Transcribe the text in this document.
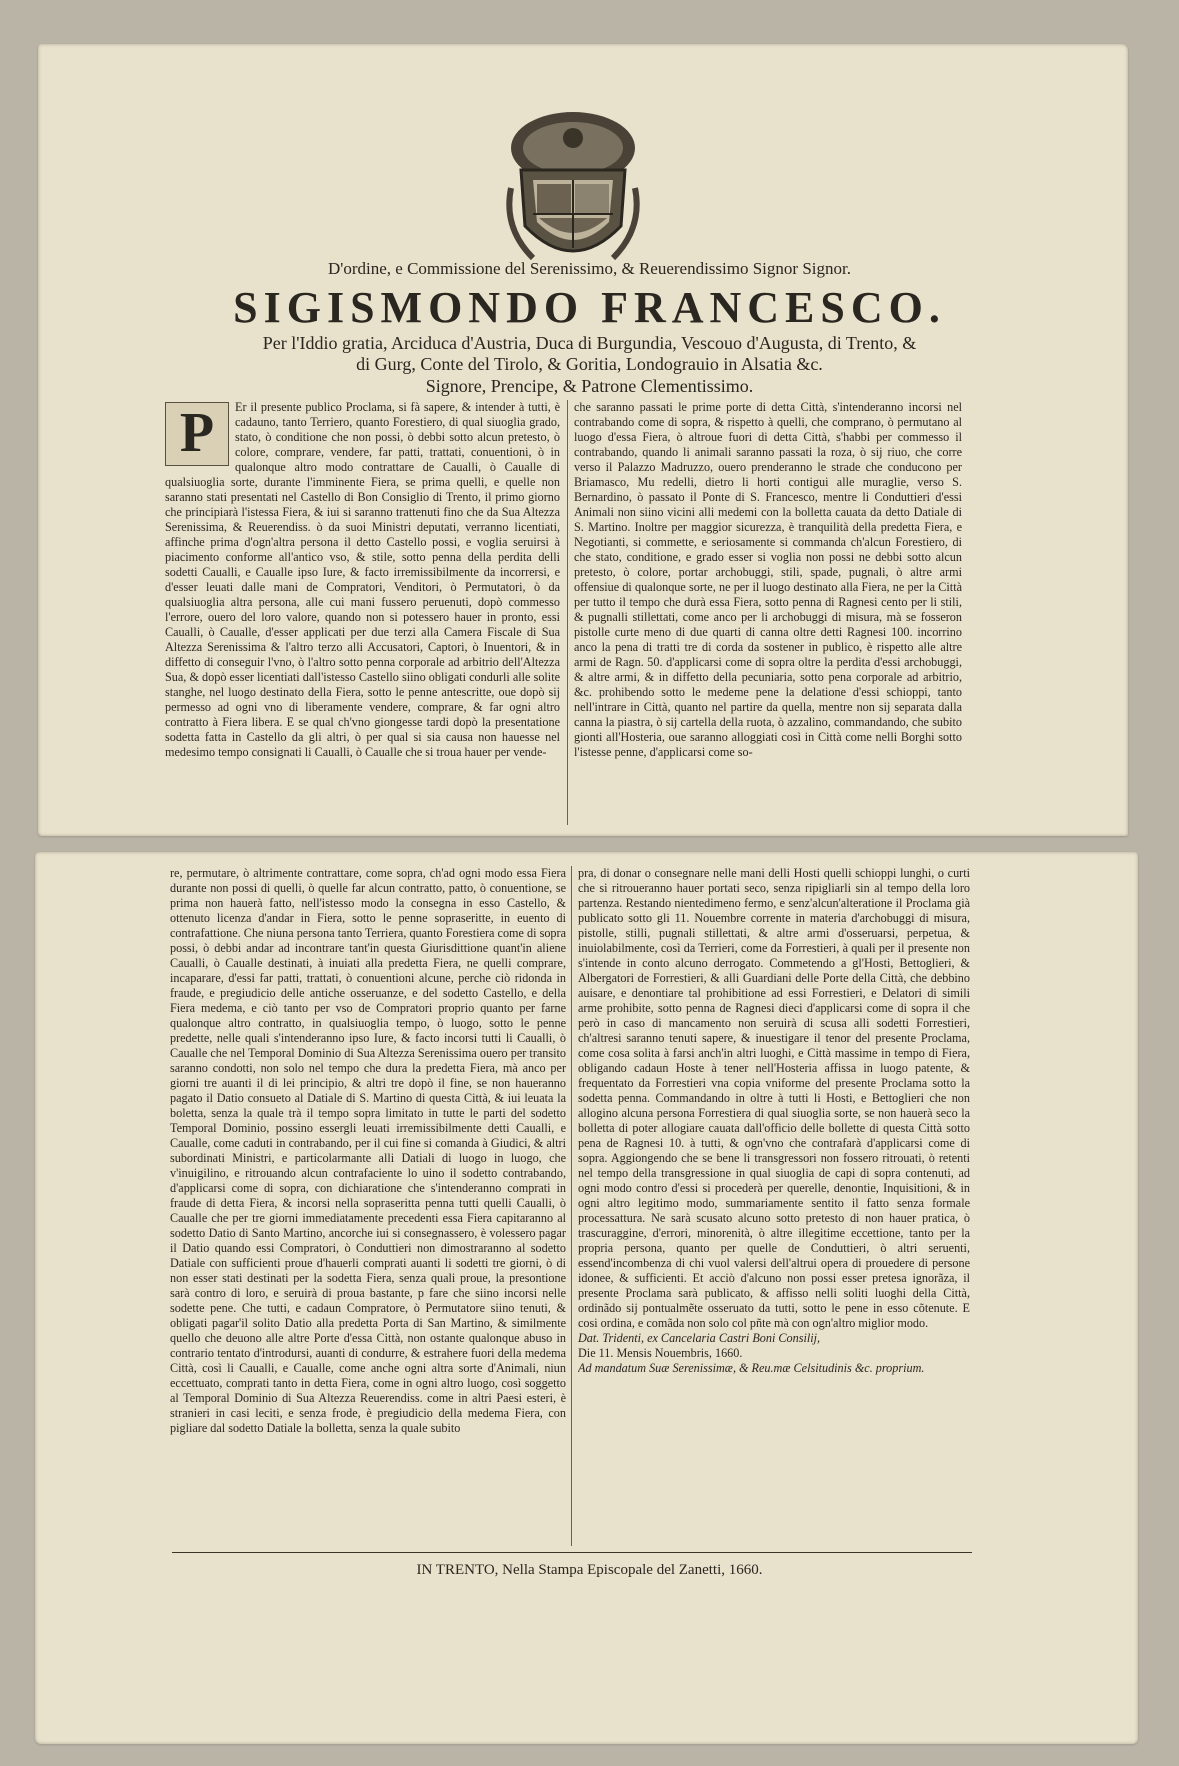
D'ordine, e Commissione del Serenissimo, & Reuerendissimo Signor Signor.
SIGISMONDO FRANCESCO.
Per l'Iddio gratia, Arciduca d'Austria, Duca di Burgundia, Vescouo d'Augusta, di Trento, &
di Gurg, Conte del Tirolo, & Goritia, Londograuio in Alsatia &c.
Signore, Prencipe, & Patrone Clementissimo.
P	Er il presente publico Proclama, si fà sapere, & intender à tutti, è cadauno, tanto Terriero, quanto Forestiero, di qual siuoglia grado, stato, ò conditione che non possi, ò debbi sotto alcun pretesto, ò colore, comprare, vendere, far patti, trattati, conuentioni, ò in qualonque altro modo contrattare de Caualli, ò Caualle di qualsiuoglia sorte, durante l'imminente Fiera, se prima quelli, e quelle non saranno stati presentati nel Castello di Bon Consiglio di Trento, il primo giorno che principiarà l'istessa Fiera, & iui si saranno trattenuti fino che da Sua Altezza Serenissima, & Reuerendiss. ò da suoi Ministri deputati, verranno licentiati, affinche prima d'ogn'altra persona il detto Castello possi, e voglia seruirsi à piacimento conforme all'antico vso, & stile, sotto penna della perdita delli sodetti Caualli, e Caualle ipso Iure, & facto irremissibilmente da incorrersi, e d'esser leuati dalle mani de Compratori, Venditori, ò Permutatori, ò da qualsiuoglia altra persona, alle cui mani fussero peruenuti, dopò commesso l'errore, ouero del loro valore, quando non si potessero hauer in pronto, essi Caualli, ò Caualle, d'esser applicati per due terzi alla Camera Fiscale di Sua Altezza Serenissima & l'altro terzo alli Accusatori, Captori, ò Inuentori, & in diffetto di conseguir l'vno, ò l'altro sotto penna corporale ad arbitrio dell'Altezza Sua, & dopò esser licentiati dall'istesso Castello siino obligati condurli alle solite stanghe, nel luogo destinato della Fiera, sotto le penne antescritte, oue dopò sij permesso ad ogni vno di liberamente vendere, comprare, & far ogni altro contratto à Fiera libera. E se qual ch'vno giongesse tardi dopò la presentatione sodetta fatta in Castello da gli altri, ò per qual si sia causa non hauesse nel medesimo tempo consignati li Caualli, ò Caualle che si troua hauer per vende-

che saranno passati le prime porte di detta Città, s'intenderanno incorsi nel contrabando come di sopra, & rispetto à quelli, che comprano, ò permutano al luogo d'essa Fiera, ò altroue fuori di detta Città, s'habbi per commesso il contrabando, quando li animali saranno passati la roza, ò sij riuo, che corre verso il Palazzo Madruzzo, ouero prenderanno le strade che conducono per Briamasco, Mu redelli, dietro li horti contigui alle muraglie, verso S. Bernardino, ò passato il Ponte di S. Francesco, mentre li Conduttieri d'essi Animali non siino vicini alli medemi con la bolletta cauata da detto Datiale di S. Martino. Inoltre per maggior sicurezza, è tranquilità della predetta Fiera, e Negotianti, si commette, e seriosamente si commanda ch'alcun Forestiero, di che stato, conditione, e grado esser si voglia non possi ne debbi sotto alcun pretesto, ò colore, portar archobuggi, stili, spade, pugnali, ò altre armi offensiue di qualonque sorte, ne per il luogo destinato alla Fiera, ne per la Città per tutto il tempo che durà essa Fiera, sotto penna di Ragnesi cento per li stili, & pugnalli stillettati, come anco per li archobuggi di misura, mà se fosseron pistolle curte meno di due quarti di canna oltre detti Ragnesi 100. incorrino anco la pena di tratti tre di corda da sostener in publico, è rispetto alle altre armi de Ragn. 50. d'applicarsi come di sopra oltre la perdita d'essi archobuggi, & altre armi, & in diffetto della pecuniaria, sotto pena corporale ad arbitrio, &c. prohibendo sotto le medeme pene la delatione d'essi schioppi, tanto nell'intrare in Città, quanto nel partire da quella, mentre non sij separata dalla canna la piastra, ò sij cartella della ruota, ò azzalino, commandando, che subito gionti all'Hosteria, oue saranno alloggiati così in Città come nelli Borghi sotto l'istesse penne, d'applicarsi come so-

re, permutare, ò altrimente contrattare, come sopra, ch'ad ogni modo essa Fiera durante non possi di quelli, ò quelle far alcun contratto, patto, ò conuentione, se prima non hauerà fatto, nell'istesso modo la consegna in esso Castello, & ottenuto licenza d'andar in Fiera, sotto le penne sopraseritte, in euento di contrafattione. Che niuna persona tanto Terriera, quanto Forestiera come di sopra possi, ò debbi andar ad incontrare tant'in questa Giurisdittione quant'in aliene Caualli, ò Caualle destinati, à inuiati alla predetta Fiera, ne quelli comprare, incaparare, d'essi far patti, trattati, ò conuentioni alcune, perche ciò ridonda in fraude, e pregiudicio delle antiche osseruanze, e del sodetto Castello, e della Fiera medema, e ciò tanto per vso de Compratori proprio quanto per farne qualonque altro contratto, in qualsiuoglia tempo, ò luogo, sotto le penne predette, nelle quali s'intenderanno ipso Iure, & facto incorsi tutti li Caualli, ò Caualle che nel Temporal Dominio di Sua Altezza Serenissima ouero per transito saranno condotti, non solo nel tempo che dura la predetta Fiera, mà anco per giorni tre auanti il di lei principio, & altri tre dopò il fine, se non haueranno pagato il Datio consueto al Datiale di S. Martino di questa Città, & iui leuata la boletta, senza la quale trà il tempo sopra limitato in tutte le parti del sodetto Temporal Dominio, possino essergli leuati irremissibilmente detti Caualli, e Caualle, come caduti in contrabando, per il cui fine si comanda à Giudici, & altri subordinati Ministri, e particolarmante alli Datiali di luogo in luogo, che v'inuigilino, e ritrouando alcun contrafaciente lo uino il sodetto contrabando, d'applicarsi come di sopra, con dichiaratione che s'intenderanno comprati in fraude di detta Fiera, & incorsi nella sopraseritta penna tutti quelli Caualli, ò Caualle che per tre giorni immediatamente precedenti essa Fiera capitaranno al sodetto Datio di Santo Martino, ancorche iui si consegnassero, è volessero pagar il Datio quando essi Compratori, ò Conduttieri non dimostraranno al sodetto Datiale con sufficienti proue d'hauerli comprati auanti li sodetti tre giorni, ò di non esser stati destinati per la sodetta Fiera, senza quali proue, la presontione sarà contro di loro, e seruirà di proua bastante, p fare che siino incorsi nelle sodette pene. Che tutti, e cadaun Compratore, ò Permutatore siino tenuti, & obligati pagar'il solito Datio alla predetta Porta di San Martino, & similmente quello che deuono alle altre Porte d'essa Città, non ostante qualonque abuso in contrario tentato d'introdursi, auanti di condurre, & estrahere fuori della medema Città, così li Caualli, e Caualle, come anche ogni altra sorte d'Animali, niun eccettuato, comprati tanto in detta Fiera, come in ogni altro luogo, così soggetto al Temporal Dominio di Sua Altezza Reuerendiss. come in altri Paesi esteri, è stranieri in casi leciti, e senza frode, è pregiudicio della medema Fiera, con pigliare dal sodetto Datiale la bolletta, senza la quale subito

pra, di donar o consegnare nelle mani delli Hosti quelli schioppi lunghi, o curti che si ritroueranno hauer portati seco, senza ripigliarli sin al tempo della loro partenza. Restando nientedimeno fermo, e senz'alcun'alteratione il Proclama già publicato sotto gli 11. Nouembre corrente in materia d'archobuggi di misura, pistolle, stilli, pugnali stillettati, & altre armi d'osseruarsi, perpetua, & inuiolabilmente, così da Terrieri, come da Forrestieri, à quali per il presente non s'intende in conto alcuno derrogato. Commetendo a gl'Hosti, Bettoglieri, & Albergatori de Forrestieri, & alli Guardiani delle Porte della Città, che debbino auisare, e denontiare tal prohibitione ad essi Forrestieri, e Delatori di simili arme prohibite, sotto penna de Ragnesi dieci d'applicarsi come di sopra il che però in caso di mancamento non seruirà di scusa alli sodetti Forrestieri, ch'altresi saranno tenuti sapere, & inuestigare il tenor del presente Proclama, come cosa solita à farsi anch'in altri luoghi, e Città massime in tempo di Fiera, obligando cadaun Hoste à tener nell'Hosteria affissa in luogo patente, & frequentato da Forrestieri vna copia vniforme del presente Proclama sotto la sodetta penna. Commandando in oltre à tutti li Hosti, e Bettoglieri che non allogino alcuna persona Forrestiera di qual siuoglia sorte, se non hauerà seco la bolletta di poter allogiare cauata dall'officio delle bollette di questa Città sotto pena de Ragnesi 10. à tutti, & ogn'vno che contrafarà d'applicarsi come di sopra. Aggiongendo che se bene li transgressori non fossero ritrouati, ò retenti nel tempo della transgressione in qual siuoglia de capi di sopra contenuti, ad ogni modo contro d'essi si procederà per querelle, denontie, Inquisitioni, & in ogni altro legitimo modo, summariamente sentito il fatto senza formale processattura. Ne sarà scusato alcuno sotto pretesto di non hauer pratica, ò trascuraggine, d'errori, minorenità, ò altre illegitime eccettione, tanto per la propria persona, quanto per quelle de Conduttieri, ò altri seruenti, essend'incombenza di chi vuol valersi dell'altrui opera di prouedere di persone idonee, & sufficienti. Et acciò d'alcuno non possi esser pretesa ignorãza, il presente Proclama sarà publicato, & affisso nelli soliti luoghi della Città, ordinãdo sij pontualmẽte osseruato da tutti, sotto le pene in esso cõtenute. E cosi ordina, e comãda non solo col pñte mà con ogn'altro miglior modo.

Dat. Tridenti, ex Cancelaria Castri Boni Consilij,

Die 11. Mensis Nouembris, 1660.

Ad mandatum Suæ Serenissimæ, & Reu.mæ Celsitudinis &c. proprium.

IN TRENTO, Nella Stampa Episcopale del Zanetti, 1660.
